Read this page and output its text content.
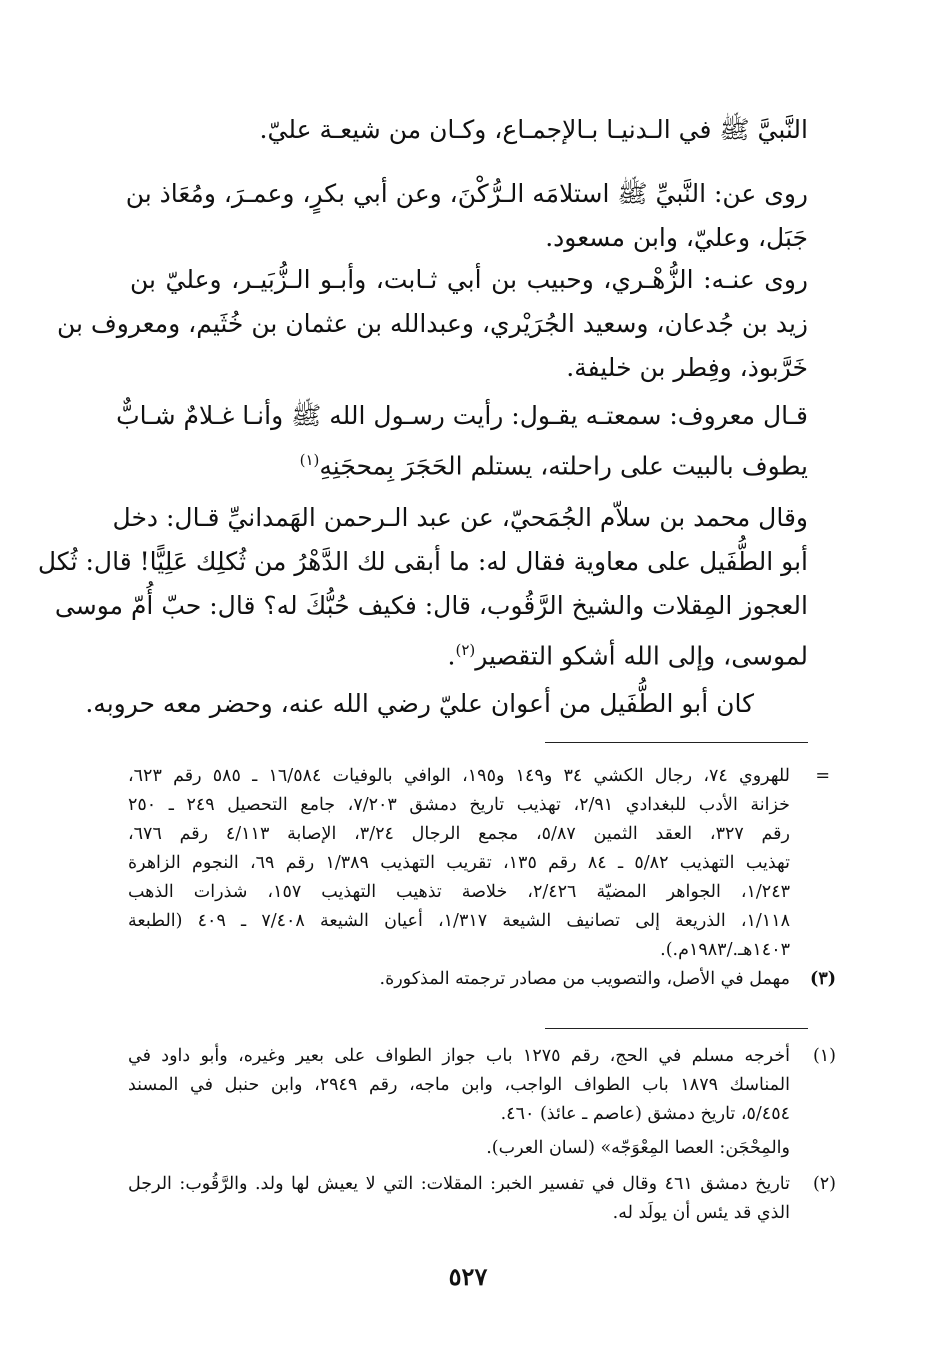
النَّبيَّ ﷺ في الـدنيـا بـالإجمـاع، وكـان من شيعـة عليّ.
روى عن: النَّبيِّ ﷺ استلامَه الـرُّكْنَ، وعن أبي بكرٍ، وعمـرَ، ومُعَاذ بن
جَبَل، وعليّ، وابن مسعود.
روى عنـه: الزُّهْـري، وحبيب بن أبي ثـابت، وأبـو الـزُّبَيـر، وعليّ بن
زيد بن جُدعان، وسعيد الجُرَيْري، وعبدالله بن عثمان بن خُثَيم، ومعروف بن
خَرَّبوذ، وفِطر بن خليفة.
قـال معروف: سمعتـه يقـول: رأيت رسـول الله ﷺ وأنـا غـلامٌ شـابٌّ
يطوف بالبيت على راحلته، يستلم الحَجَرَ بِمحجَنِهِ$^{(١)}$
وقال محمد بن سلاّم الجُمَحيّ، عن عبد الـرحمن الهَمدانيِّ قـال: دخل
أبو الطُّفَيل على معاوية فقال له: ما أبقى لك الدَّهْرُ من ثُكلِك عَلِيًّا! قال: ثُكل
العجوز المِقلات والشيخ الرَّقُوب، قال: فكيف حُبُّكَ له؟ قال: حبّ أُمّ موسى
لموسى، وإلى الله أشكو التقصير$^{(٢)}$.
كان أبو الطُّفَيل من أعوان عليّ رضي الله عنه، وحضر معه حروبه.
=
للهروي ٧٤، رجال الكشي ٣٤ و١٤٩ و١٩٥، الوافي بالوفيات ١٦/٥٨٤ ـ ٥٨٥ رقم ٦٢٣،
خزانة الأدب للبغدادي ٢/٩١، تهذيب تاريخ دمشق ٧/٢٠٣، جامع التحصيل ٢٤٩ ـ ٢٥٠
رقم ٣٢٧، العقد الثمين ٥/٨٧، مجمع الرجال ٣/٢٤، الإصابة ٤/١١٣ رقم ٦٧٦،
تهذيب التهذيب ٥/٨٢ ـ ٨٤ رقم ١٣٥، تقريب التهذيب ١/٣٨٩ رقم ٦٩، النجوم الزاهرة
١/٢٤٣، الجواهر المضيّة ٢/٤٢٦، خلاصة تذهيب التهذيب ١٥٧، شذرات الذهب
١/١١٨، الذريعة إلى تصانيف الشيعة ١/٣١٧، أعيان الشيعة ٧/٤٠٨ ـ ٤٠٩ (الطبعة
١٤٠٣هـ./١٩٨٣م.).
(٣)
مهمل في الأصل، والتصويب من مصادر ترجمته المذكورة.
(١)
أخرجه مسلم في الحج، رقم ١٢٧٥ باب جواز الطواف على بعير وغيره، وأبو داود في
المناسك ١٨٧٩ باب الطواف الواجب، وابن ماجه، رقم ٢٩٤٩، وابن حنبل في المسند
٥/٤٥٤، تاريخ دمشق (عاصم ـ عائذ) ٤٦٠.
والمِحْجَن: العصا المِعْوَجّه» (لسان العرب).
(٢)
تاريخ دمشق ٤٦١ وقال في تفسير الخبر: المقلات: التي لا يعيش لها ولد. والرَّقُوب: الرجل
الذي قد يئس أن يولَد له.
٥٢٧
